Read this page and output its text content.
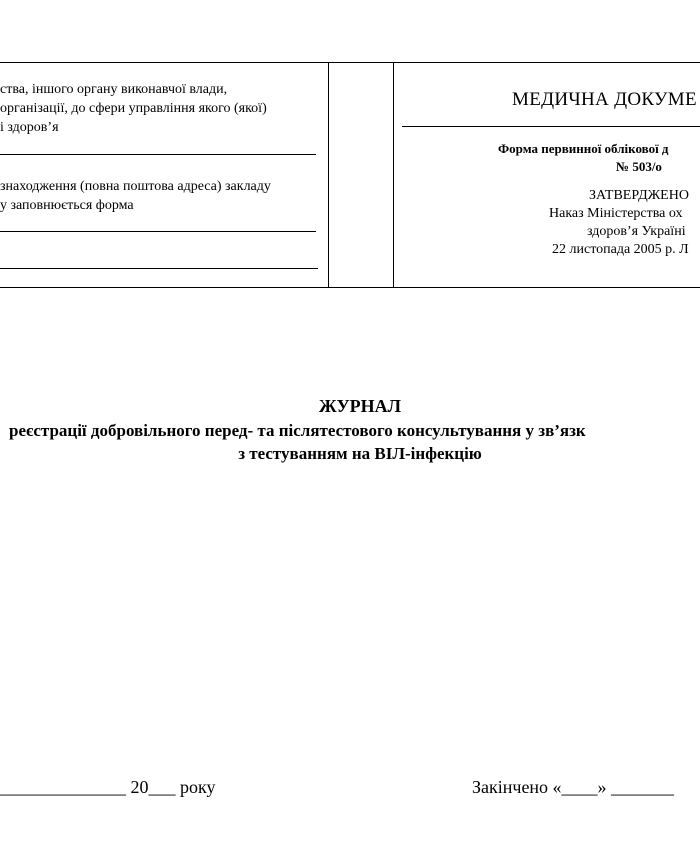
ства, іншого органу виконавчої влади,
організації, до сфери управління якого (якої)
і здоров’я
знаходження (повна поштова адреса) закладу
у заповнюється форма
МЕДИЧНА ДОКУМЕ
Форма первинної облікової д
№ 503/о
ЗАТВЕРДЖЕНО
Наказ Міністерства ох
здоров’я Україні
22 листопада 2005 р. Л
ЖУРНАЛ
реєстрації добровільного перед- та післятестового консультування у зв’язк
з тестуванням на ВІЛ-інфекцію
______________ 20___ року	Закінчено «____» _______
